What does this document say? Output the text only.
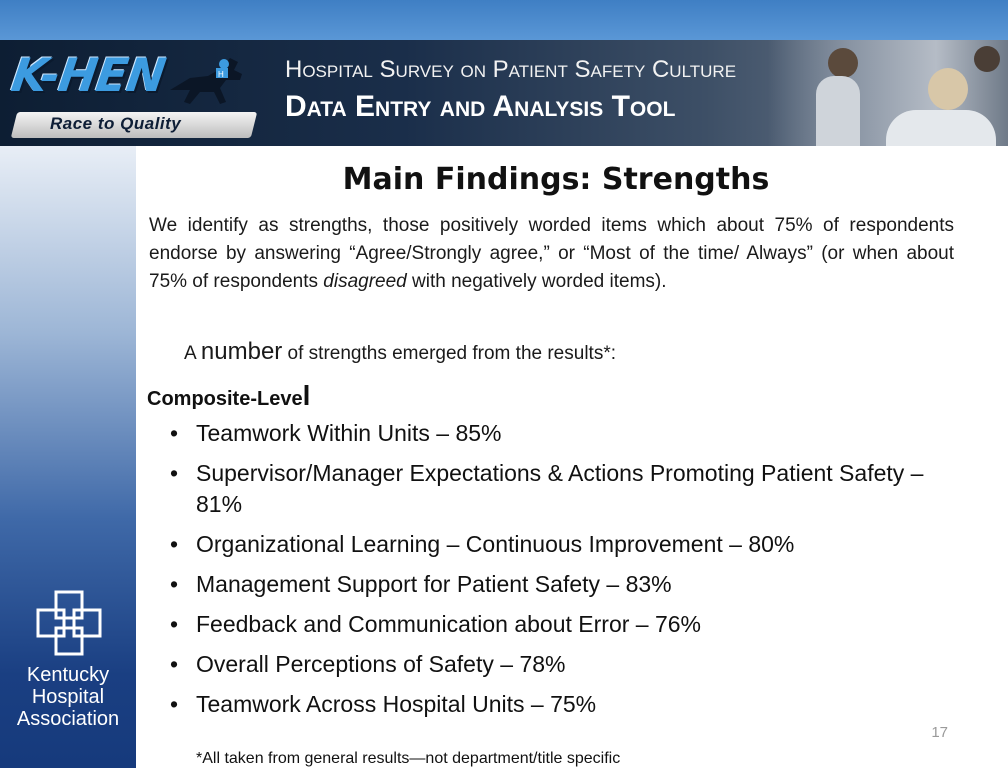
K-HEN	H
Race to Quality
Hospital Survey on Patient Safety Culture
Data Entry and Analysis Tool
Kentucky
Hospital
Association
Main Findings: Strengths
We identify as strengths, those positively worded items which about 75% of respondents endorse by answering “Agree/Strongly agree,” or “Most of the time/ Always” (or when about 75% of respondents disagreed with negatively worded items).
A number of strengths emerged from the results*:
Composite-Level
• Teamwork Within Units – 85%
• Supervisor/Manager Expectations & Actions Promoting Patient Safety – 81%
• Organizational Learning – Continuous Improvement – 80%
• Management Support for Patient Safety – 83%
• Feedback and Communication about Error – 76%
• Overall Perceptions of Safety – 78%
• Teamwork Across Hospital Units – 75%
17
*All taken from general results—not department/title specific
